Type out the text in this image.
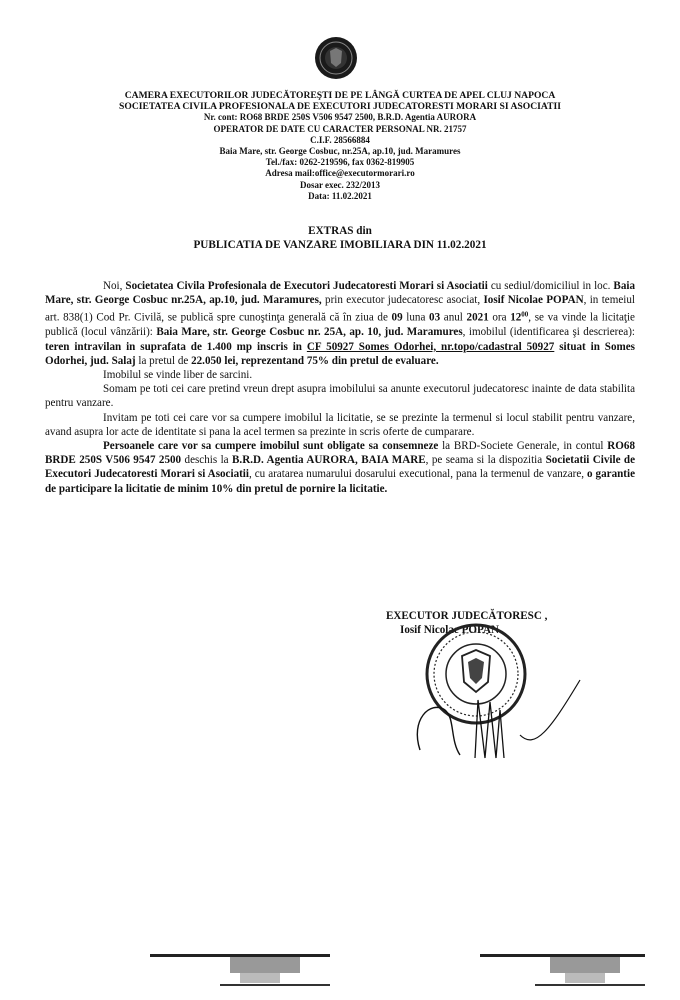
CAMERA EXECUTORILOR JUDECĂTOREŞTI DE PE LÂNGĂ CURTEA DE APEL CLUJ NAPOCA
SOCIETATEA CIVILA PROFESIONALA DE EXECUTORI JUDECATORESTI MORARI SI ASOCIATII
Nr. cont: RO68 BRDE 250S V506 9547 2500, B.R.D. Agentia AURORA
OPERATOR DE DATE CU CARACTER PERSONAL NR. 21757
C.I.F. 28566884
Baia Mare, str. George Cosbuc, nr.25A, ap.10, jud. Maramures
Tel./fax: 0262-219596, fax 0362-819905
Adresa mail:office@executormorari.ro
Dosar exec. 232/2013
Data: 11.02.2021
EXTRAS din
PUBLICATIA DE VANZARE IMOBILIARA DIN 11.02.2021

Noi, Societatea Civila Profesionala de Executori Judecatoresti Morari si Asociatii cu sediul/domiciliul in loc. Baia Mare, str. George Cosbuc nr.25A, ap.10, jud. Maramures, prin executor judecatoresc asociat, Iosif Nicolae POPAN, in temeiul art. 838(1) Cod Pr. Civilă, se publică spre cunoştinţa generală că în ziua de 09 luna 03 anul 2021 ora $12^{00}$, se va vinde la licitaţie publică (locul vânzării): Baia Mare, str. George Cosbuc nr. 25A, ap. 10, jud. Maramures, imobilul (identificarea şi descrierea): teren intravilan in suprafata de 1.400 mp inscris in CF 50927 Somes Odorhei, nr.topo/cadastral 50927 situat in Somes Odorhei, jud. Salaj la pretul de 22.050 lei, reprezentand 75% din pretul de evaluare.

Imobilul se vinde liber de sarcini.

Somam pe toti cei care pretind vreun drept asupra imobilului sa anunte executorul judecatoresc inainte de data stabilita pentru vanzare.

Invitam pe toti cei care vor sa cumpere imobilul la licitatie, se se prezinte la termenul si locul stabilit pentru vanzare, avand asupra lor acte de identitate si pana la acel termen sa prezinte in scris oferte de cumparare.

Persoanele care vor sa cumpere imobilul sunt obligate sa consemneze la BRD-Societe Generale, in contul RO68 BRDE 250S V506 9547 2500 deschis la B.R.D. Agentia AURORA, BAIA MARE, pe seama si la dispozitia Societatii Civile de Executori Judecatoresti Morari si Asociatii, cu aratarea numarului dosarului executional, pana la termenul de vanzare, o garantie de participare la licitatie de minim 10% din pretul de pornire la licitatie.

EXECUTOR JUDECĂTORESC ,
Iosif Nicolae POPAN
